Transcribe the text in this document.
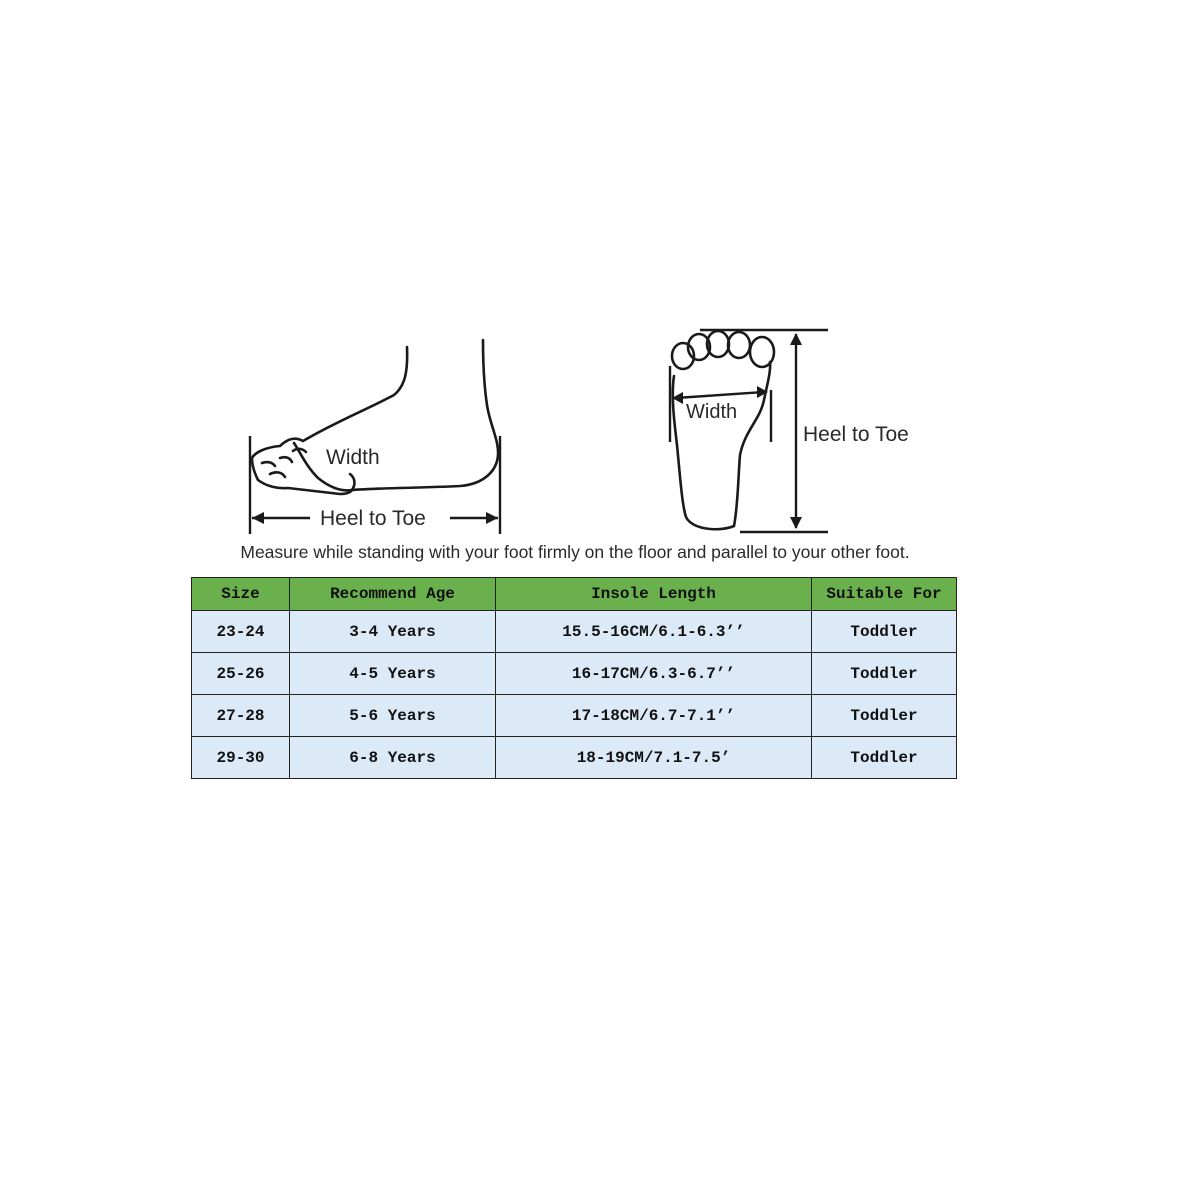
Width
Heel to Toe
Width
Heel to Toe
Measure while standing with your foot firmly on the floor and parallel to your other foot.
Size	Recommend Age	Insole Length	Suitable For
23-24	3-4 Years	15.5-16CM/6.1-6.3’’	Toddler
25-26	4-5 Years	16-17CM/6.3-6.7’’	Toddler
27-28	5-6 Years	17-18CM/6.7-7.1’’	Toddler
29-30	6-8 Years	18-19CM/7.1-7.5’	Toddler
